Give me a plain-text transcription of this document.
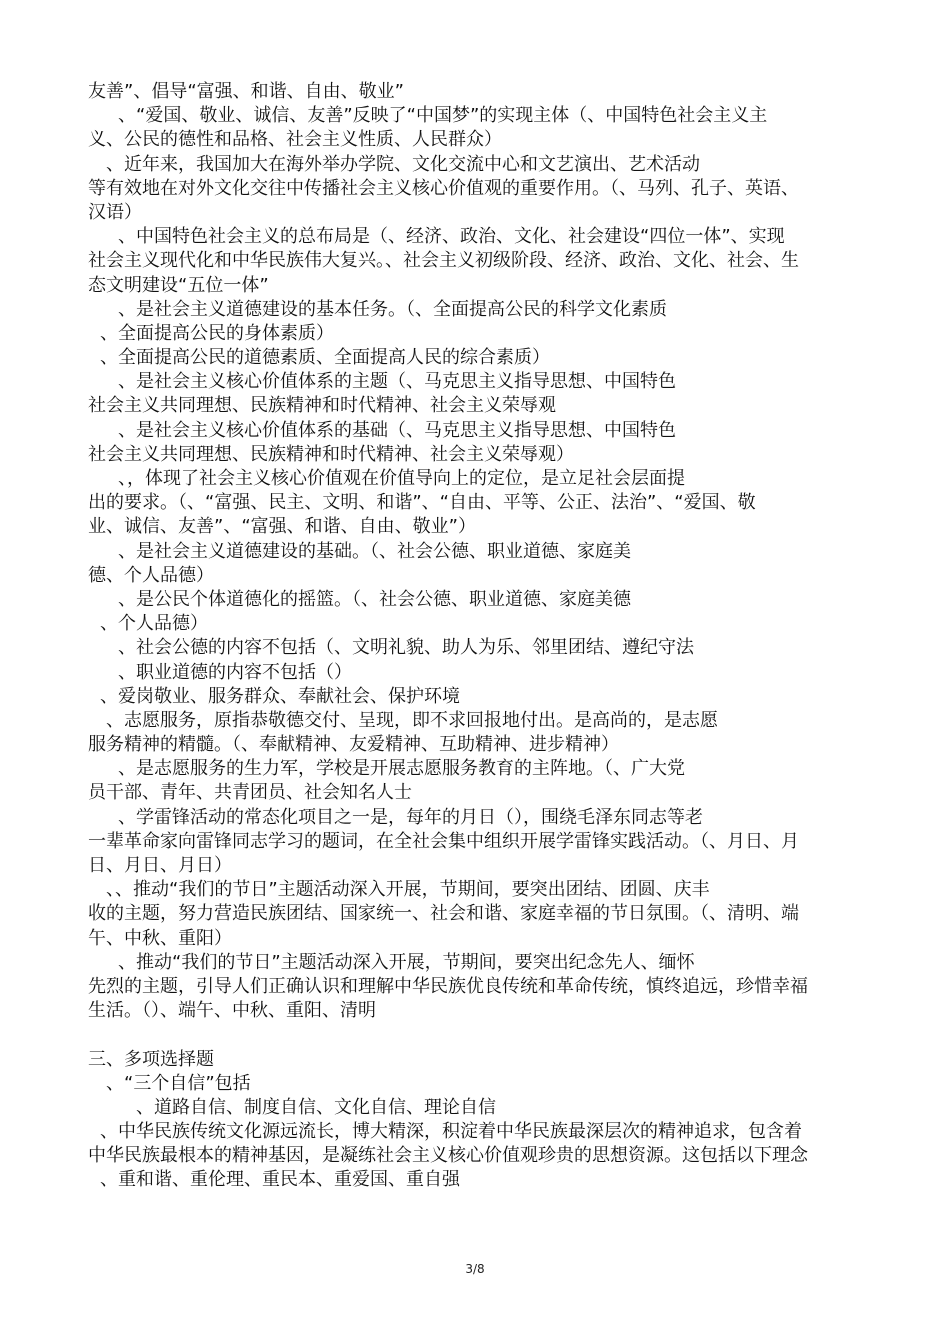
友善”、倡导“富强、和谐、自由、敬业”
、“爱国、敬业、诚信、友善”反映了“中国梦”的实现主体（、中国特色社会主义主
义、公民的德性和品格、社会主义性质、人民群众）
、近年来，我国加大在海外举办学院、文化交流中心和文艺演出、艺术活动
等有效地在对外文化交往中传播社会主义核心价值观的重要作用。（、马列、孔子、英语、
汉语）
、中国特色社会主义的总布局是（、经济、政治、文化、社会建设“四位一体”、实现
社会主义现代化和中华民族伟大复兴。、社会主义初级阶段、经济、政治、文化、社会、生
态文明建设“五位一体”
、是社会主义道德建设的基本任务。（、全面提高公民的科学文化素质
、全面提高公民的身体素质）
、全面提高公民的道德素质、全面提高人民的综合素质）
、是社会主义核心价值体系的主题（、马克思主义指导思想、中国特色
社会主义共同理想、民族精神和时代精神、社会主义荣辱观
、是社会主义核心价值体系的基础（、马克思主义指导思想、中国特色
社会主义共同理想、民族精神和时代精神、社会主义荣辱观）
、，体现了社会主义核心价值观在价值导向上的定位，是立足社会层面提
出的要求。（、“富强、民主、文明、和谐”、“自由、平等、公正、法治”、“爱国、敬
业、诚信、友善”、“富强、和谐、自由、敬业”）
、是社会主义道德建设的基础。（、社会公德、职业道德、家庭美
德、个人品德）
、是公民个体道德化的摇篮。（、社会公德、职业道德、家庭美德
、个人品德）
、社会公德的内容不包括（、文明礼貌、助人为乐、邻里团结、遵纪守法
、职业道德的内容不包括（）
、爱岗敬业、服务群众、奉献社会、保护环境
、志愿服务，原指恭敬德交付、呈现，即不求回报地付出。是高尚的，是志愿
服务精神的精髓。（、奉献精神、友爱精神、互助精神、进步精神）
、是志愿服务的生力军，学校是开展志愿服务教育的主阵地。（、广大党
员干部、青年、共青团员、社会知名人士
、学雷锋活动的常态化项目之一是，每年的月日（），围绕毛泽东同志等老
一辈革命家向雷锋同志学习的题词，在全社会集中组织开展学雷锋实践活动。（、月日、月
日、月日、月日）
、、推动“我们的节日”主题活动深入开展，节期间，要突出团结、团圆、庆丰
收的主题，努力营造民族团结、国家统一、社会和谐、家庭幸福的节日氛围。（、清明、端
午、中秋、重阳）
、推动“我们的节日”主题活动深入开展，节期间，要突出纪念先人、缅怀
先烈的主题，引导人们正确认识和理解中华民族优良传统和革命传统，慎终追远，珍惜幸福
生活。（）、端午、中秋、重阳、清明
三、多项选择题
、“三个自信”包括
、道路自信、制度自信、文化自信、理论自信
、中华民族传统文化源远流长，博大精深，积淀着中华民族最深层次的精神追求，包含着
中华民族最根本的精神基因，是凝练社会主义核心价值观珍贵的思想资源。这包括以下理念
、重和谐、重伦理、重民本、重爱国、重自强
3/8
